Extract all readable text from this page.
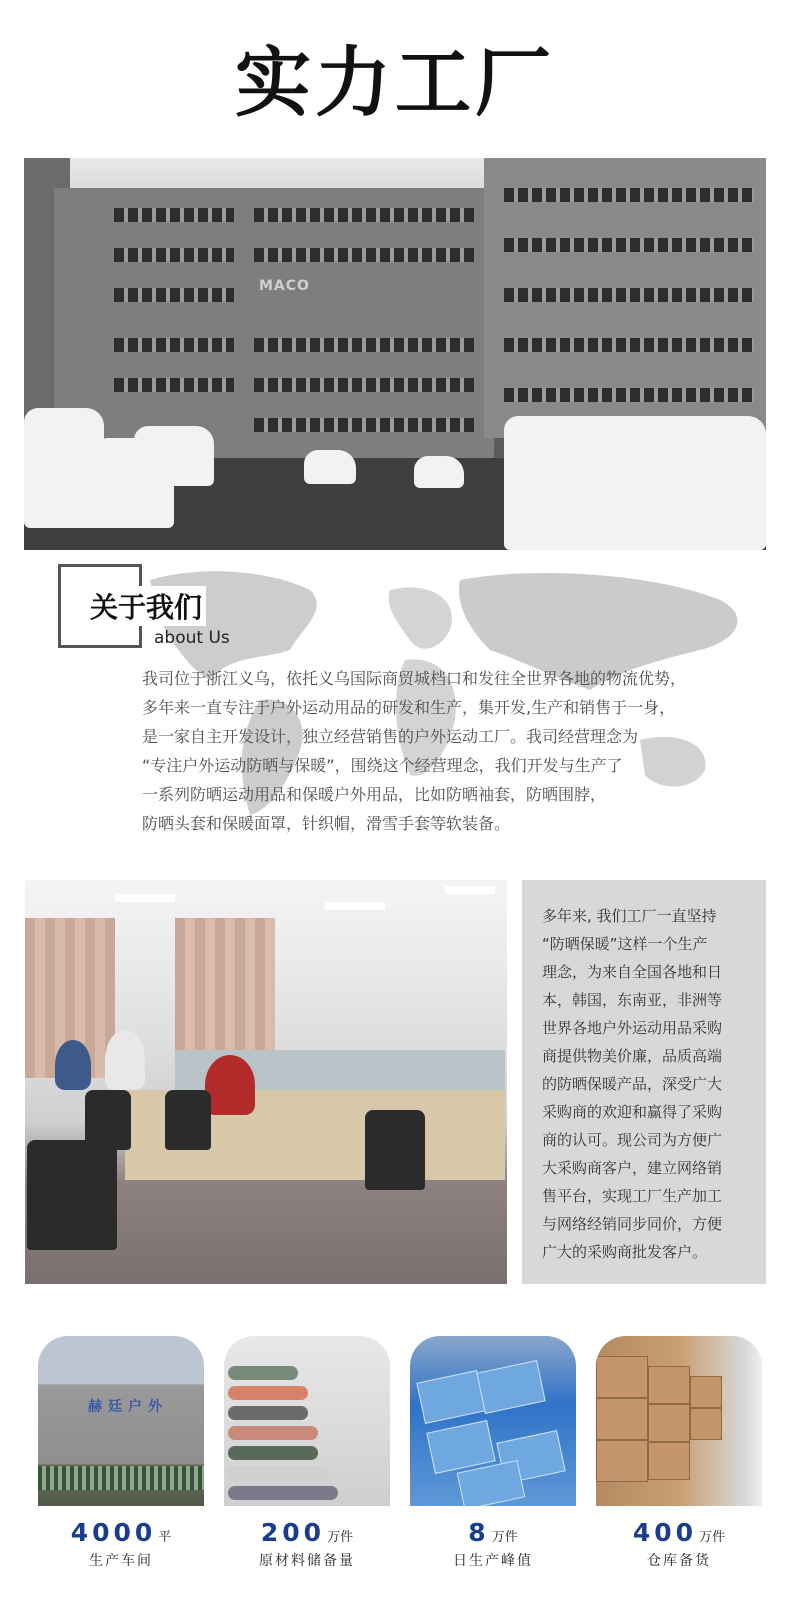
实力工厂
MACO
关于我们
about Us
我司位于浙江义乌，依托义乌国际商贸城档口和发往全世界各地的物流优势，
多年来一直专注于户外运动用品的研发和生产，集开发,生产和销售于一身，
是一家自主开发设计，独立经营销售的户外运动工厂。我司经营理念为
“专注户外运动防晒与保暖”，围绕这个经营理念，我们开发与生产了
一系列防晒运动用品和保暖户外用品，比如防晒袖套，防晒围脖，
防晒头套和保暖面罩，针织帽，滑雪手套等软装备。
多年来, 我们工厂一直坚持
“防晒保暖”这样一个生产
理念，为来自全国各地和日
本，韩国，东南亚，非洲等
世界各地户外运动用品采购
商提供物美价廉，品质高端
的防晒保暖产品，深受广大
采购商的欢迎和赢得了采购
商的认可。现公司为方便广
大采购商客户，建立网络销
售平台，实现工厂生产加工
与网络经销同步同价，方便
广大的采购商批发客户。
赫廷户外
4000 平
生产车间
200 万件
原材料储备量
8 万件
日生产峰值
400 万件
仓库备货
